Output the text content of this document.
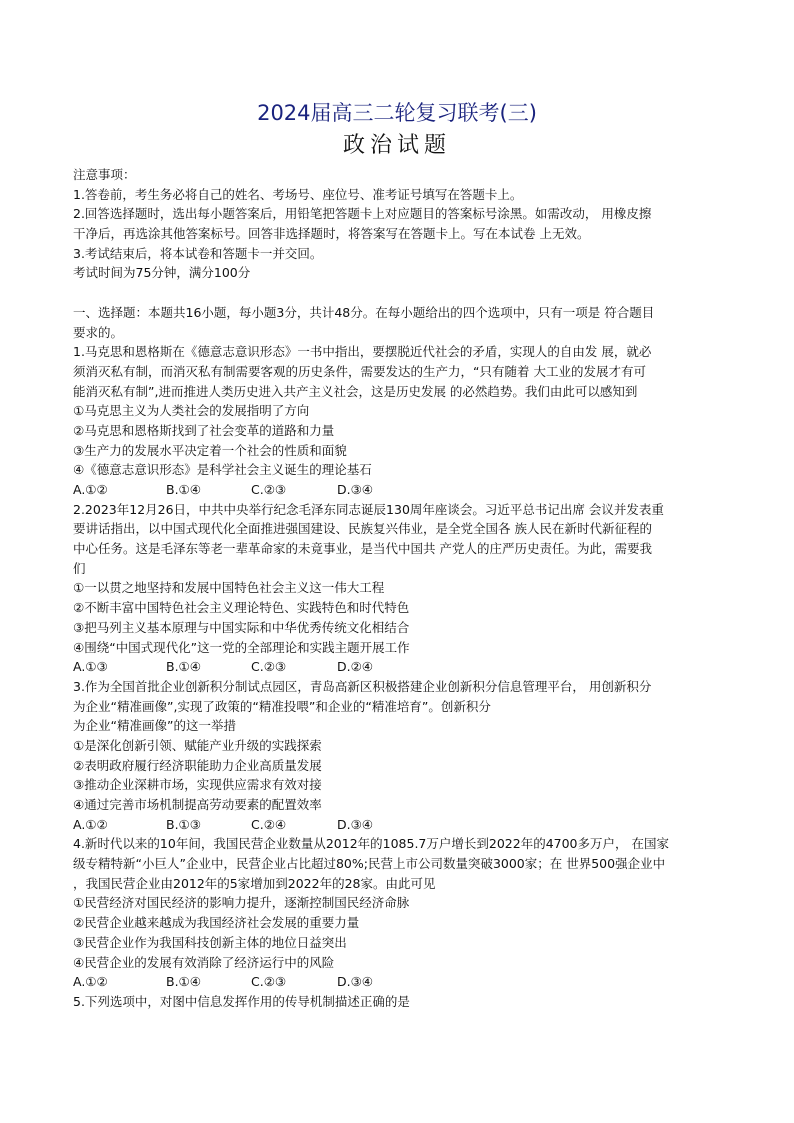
2024届高三二轮复习联考(三)
政治试题
注意事项：
1.答卷前，考生务必将自己的姓名、考场号、座位号、准考证号填写在答题卡上。
2.回答选择题时，选出每小题答案后，用铅笔把答题卡上对应题目的答案标号涂黑。如需改动， 用橡皮擦
干净后，再选涂其他答案标号。回答非选择题时，将答案写在答题卡上。写在本试卷 上无效。
3.考试结束后，将本试卷和答题卡一并交回。
考试时间为75分钟，满分100分
一、选择题：本题共16小题，每小题3分，共计48分。在每小题给出的四个选项中，只有一项是 符合题目
要求的。
1.马克思和恩格斯在《德意志意识形态》一书中指出，要摆脱近代社会的矛盾，实现人的自由发 展，就必
须消灭私有制，而消灭私有制需要客观的历史条件，需要发达的生产力，“只有随着 大工业的发展才有可
能消灭私有制”,进而推进人类历史进入共产主义社会，这是历史发展 的必然趋势。我们由此可以感知到
①马克思主义为人类社会的发展指明了方向
②马克思和恩格斯找到了社会变革的道路和力量
③生产力的发展水平决定着一个社会的性质和面貌
④《德意志意识形态》是科学社会主义诞生的理论基石
A.①②	B.①④	C.②③	D.③④
2.2023年12月26日，中共中央举行纪念毛泽东同志诞辰130周年座谈会。习近平总书记出席 会议并发表重
要讲话指出，以中国式现代化全面推进强国建设、民族复兴伟业，是全党全国各 族人民在新时代新征程的
中心任务。这是毛泽东等老一辈革命家的未竟事业，是当代中国共 产党人的庄严历史责任。为此，需要我
们
①一以贯之地坚持和发展中国特色社会主义这一伟大工程
②不断丰富中国特色社会主义理论特色、实践特色和时代特色
③把马列主义基本原理与中国实际和中华优秀传统文化相结合
④围绕“中国式现代化”这一党的全部理论和实践主题开展工作
A.①③	B.①④	C.②③	D.②④
3.作为全国首批企业创新积分制试点园区，青岛高新区积极搭建企业创新积分信息管理平台， 用创新积分
为企业“精准画像”,实现了政策的“精准投喂”和企业的“精准培育”。创新积分
为企业“精准画像”的这一举措
①是深化创新引领、赋能产业升级的实践探索
②表明政府履行经济职能助力企业高质量发展
③推动企业深耕市场，实现供应需求有效对接
④通过完善市场机制提高劳动要素的配置效率
A.①②	B.①③	C.②④	D.③④
4.新时代以来的10年间，我国民营企业数量从2012年的1085.7万户增长到2022年的4700多万户， 在国家
级专精特新“小巨人”企业中，民营企业占比超过80%;民营上市公司数量突破3000家；在 世界500强企业中
，我国民营企业由2012年的5家增加到2022年的28家。由此可见
①民营经济对国民经济的影响力提升，逐渐控制国民经济命脉
②民营企业越来越成为我国经济社会发展的重要力量
③民营企业作为我国科技创新主体的地位日益突出
④民营企业的发展有效消除了经济运行中的风险
A.①②	B.①④	C.②③	D.③④
5.下列选项中，对图中信息发挥作用的传导机制描述正确的是
